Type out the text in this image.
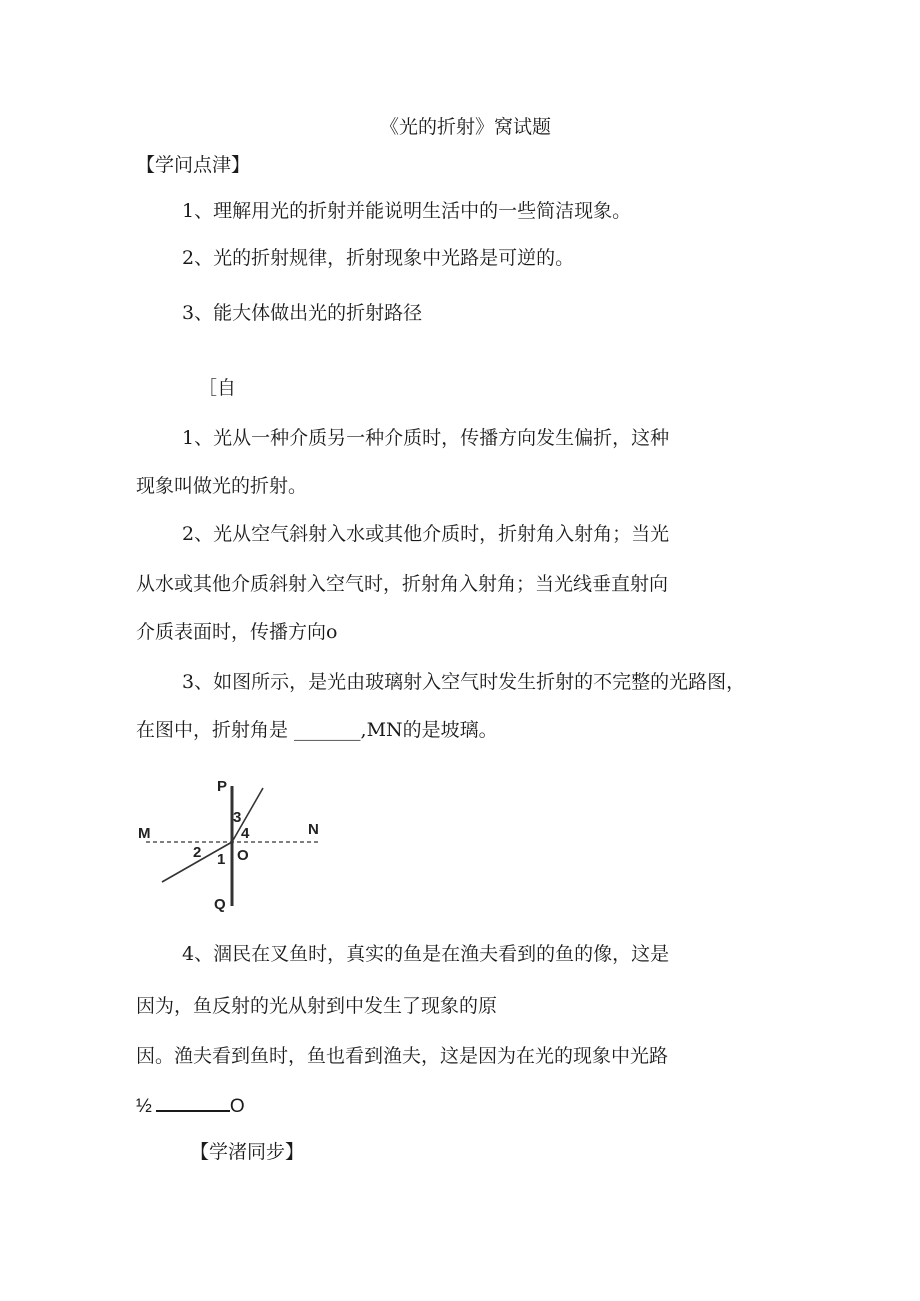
《光的折射》窝试题
【学问点津】
1、理解用光的折射并能说明生活中的一些简洁现象。
2、光的折射规律，折射现象中光路是可逆的。
3、能大体做出光的折射路径
［自
1、光从一种介质另一种介质时，传播方向发生偏折，这种
现象叫做光的折射。
2、光从空气斜射入水或其他介质时，折射角入射角；当光
从水或其他介质斜射入空气时，折射角入射角；当光线垂直射向
介质表面时，传播方向o
3、如图所示，是光由玻璃射入空气时发生折射的不完整的光路图，
在图中，折射角是 _______,MN的是坡璃。
P
Q
M	N
O
1
2
3
4
4、涸民在叉鱼时，真实的鱼是在渔夫看到的鱼的像，这是
因为，鱼反射的光从射到中发生了现象的原
因。渔夫看到鱼时，鱼也看到渔夫，这是因为在光的现象中光路
½	O
【学渚同步】
